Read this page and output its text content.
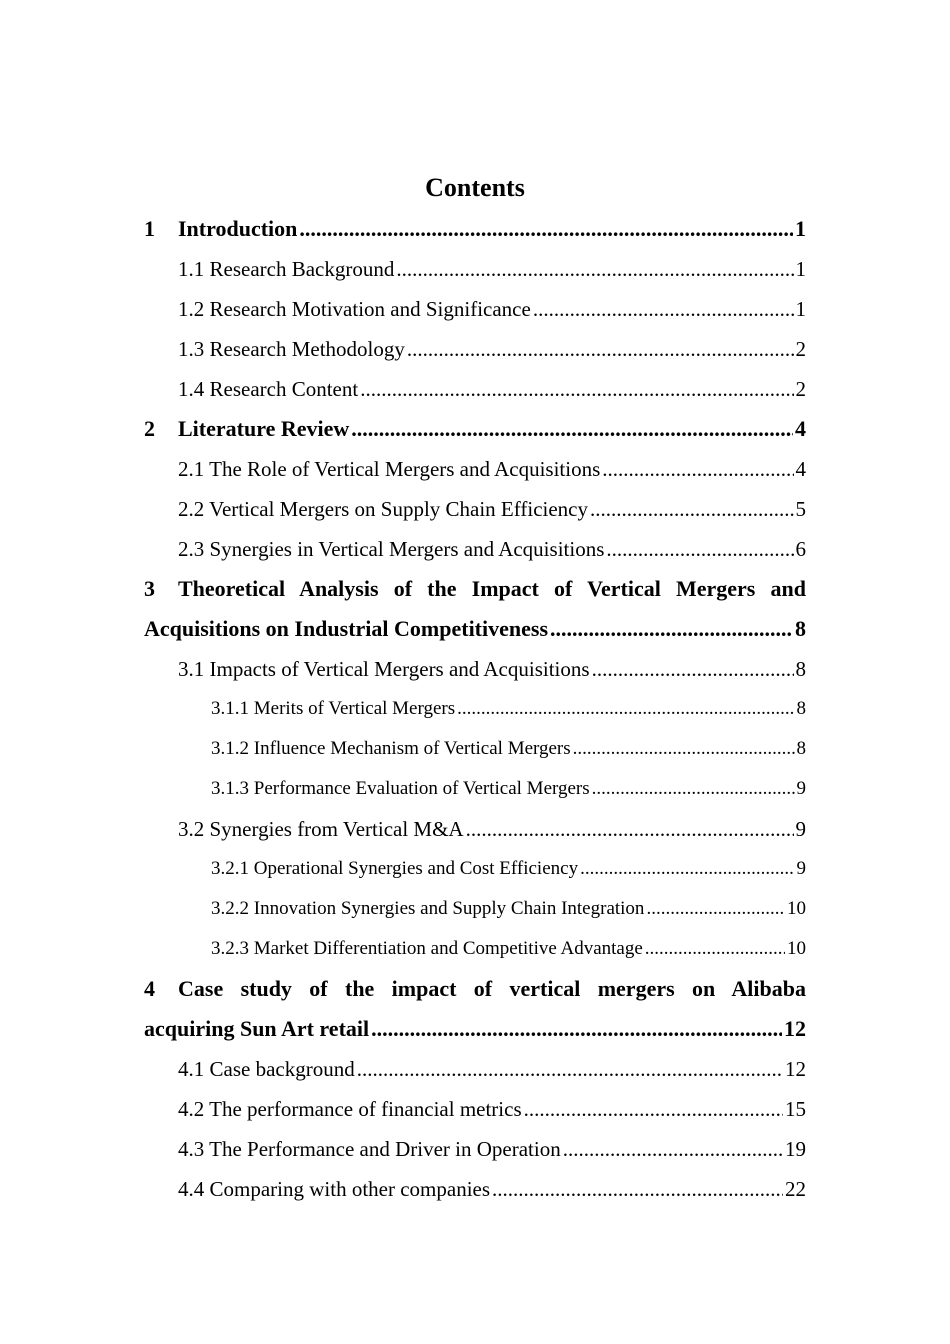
Contents
1	Introduction .....	1
1.1 Research Background .....	1
1.2 Research Motivation and Significance .....	1
1.3 Research Methodology .....	2
1.4 Research Content .....	2
2	Literature Review .....	4
2.1 The Role of Vertical Mergers and Acquisitions .....	4
2.2 Vertical Mergers on Supply Chain Efficiency .....	5
2.3 Synergies in Vertical Mergers and Acquisitions .....	6
3 Theoretical Analysis of the Impact of Vertical Mergers and
Acquisitions on Industrial Competitiveness .....	8
3.1 Impacts of Vertical Mergers and Acquisitions .....	8
3.1.1 Merits of Vertical Mergers .....	8
3.1.2 Influence Mechanism of Vertical Mergers .....	8
3.1.3 Performance Evaluation of Vertical Mergers .....	9
3.2 Synergies from Vertical M&A .....	9
3.2.1 Operational Synergies and Cost Efficiency .....	9
3.2.2 Innovation Synergies and Supply Chain Integration .....	10
3.2.3 Market Differentiation and Competitive Advantage .....	10
4 Case study of the impact of vertical mergers on Alibaba
acquiring Sun Art retail .....	12
4.1 Case background .....	12
4.2 The performance of financial metrics .....	15
4.3 The Performance and Driver in Operation .....	19
4.4 Comparing with other companies .....	22
